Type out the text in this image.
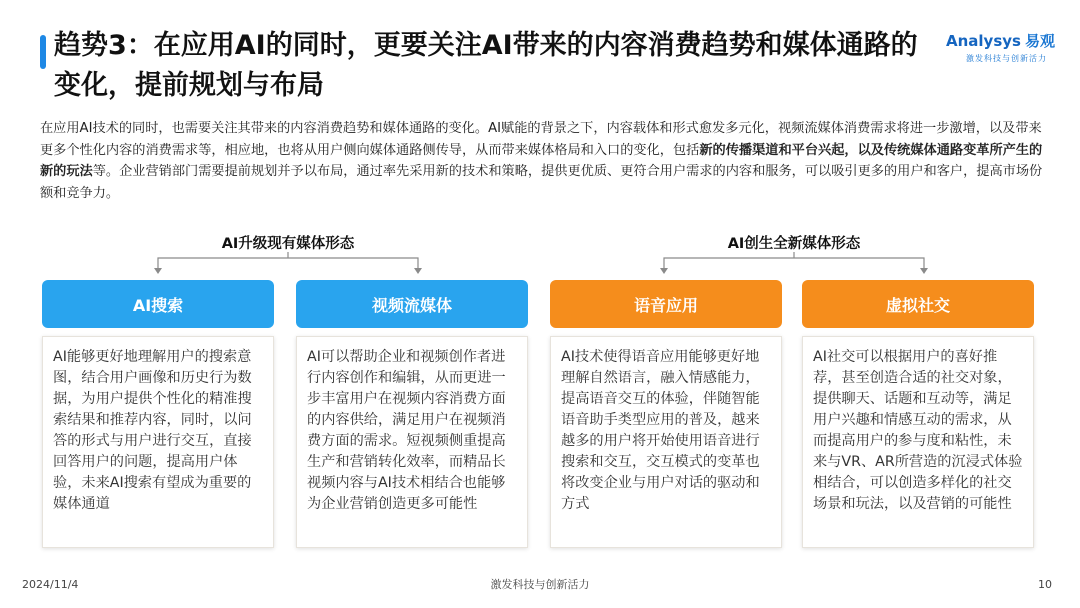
趋势3：在应用AI的同时，更要关注AI带来的内容消费趋势和媒体通路的变化，提前规划与布局
Analysys 易观
激发科技与创新活力
在应用AI技术的同时，也需要关注其带来的内容消费趋势和媒体通路的变化。AI赋能的背景之下，内容载体和形式愈发多元化，视频流媒体消费需求将进一步激增，以及带来更多个性化内容的消费需求等，相应地，也将从用户侧向媒体通路侧传导，从而带来媒体格局和入口的变化，包括新的传播渠道和平台兴起，以及传统媒体通路变革所产生的新的玩法等。企业营销部门需要提前规划并予以布局，通过率先采用新的技术和策略，提供更优质、更符合用户需求的内容和服务，可以吸引更多的用户和客户，提高市场份额和竞争力。
AI升级现有媒体形态	AI创生全新媒体形态
AI搜索	视频流媒体	语音应用	虚拟社交
AI能够更好地理解用户的搜索意图，结合用户画像和历史行为数据，为用户提供个性化的精准搜索结果和推荐内容，同时，以问答的形式与用户进行交互，直接回答用户的问题，提高用户体验，未来AI搜索有望成为重要的媒体通道
AI可以帮助企业和视频创作者进行内容创作和编辑，从而更进一步丰富用户在视频内容消费方面的内容供给，满足用户在视频消费方面的需求。短视频侧重提高生产和营销转化效率，而精品长视频内容与AI技术相结合也能够为企业营销创造更多可能性
AI技术使得语音应用能够更好地理解自然语言，融入情感能力，提高语音交互的体验，伴随智能语音助手类型应用的普及，越来越多的用户将开始使用语音进行搜索和交互，交互模式的变革也将改变企业与用户对话的驱动和方式
AI社交可以根据用户的喜好推荐，甚至创造合适的社交对象，提供聊天、话题和互动等，满足用户兴趣和情感互动的需求，从而提高用户的参与度和粘性，未来与VR、AR所营造的沉浸式体验相结合，可以创造多样化的社交场景和玩法，以及营销的可能性
2024/11/4	激发科技与创新活力	10
